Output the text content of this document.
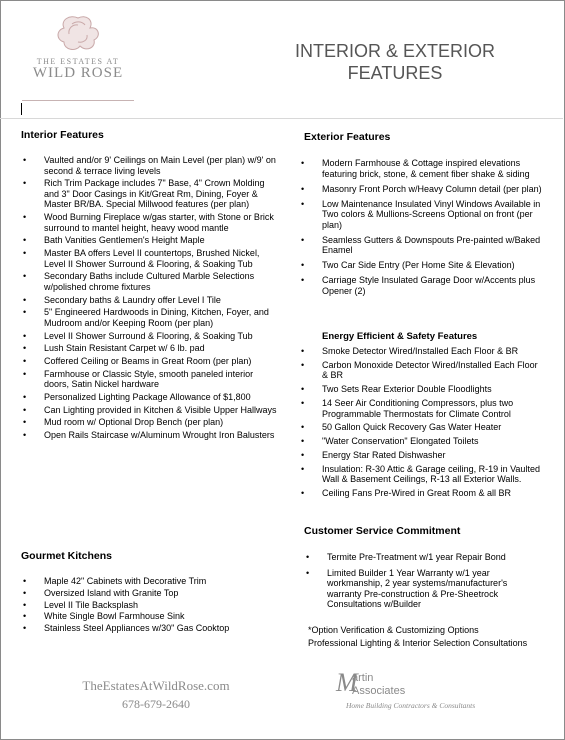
THE ESTATES AT
WILD ROSE
INTERIOR & EXTERIOR
FEATURES
Interior Features
• Vaulted and/or 9' Ceilings on Main Level (per plan) w/9' on second & terrace living levels
• Rich Trim Package includes 7" Base, 4" Crown Molding and 3" Door Casings in Kit/Great Rm, Dining, Foyer & Master BR/BA. Special Millwood features (per plan)
• Wood Burning Fireplace w/gas starter, with Stone or Brick surround to mantel height, heavy wood mantle
• Bath Vanities Gentlemen's Height Maple
• Master BA offers Level II countertops, Brushed Nickel, Level II Shower Surround & Flooring, & Soaking Tub
• Secondary Baths include Cultured Marble Selections w/polished chrome fixtures
• Secondary baths & Laundry offer Level I Tile
• 5" Engineered Hardwoods in Dining, Kitchen, Foyer, and Mudroom and/or Keeping Room (per plan)
• Level II Shower Surround & Flooring, & Soaking Tub
• Lush Stain Resistant Carpet w/ 6 lb. pad
• Coffered Ceiling or Beams in Great Room (per plan)
• Farmhouse or Classic Style, smooth paneled interior doors, Satin Nickel hardware
• Personalized Lighting Package Allowance of $1,800
• Can Lighting provided in Kitchen & Visible Upper Hallways
• Mud room w/ Optional Drop Bench (per plan)
• Open Rails Staircase w/Aluminum Wrought Iron Balusters
Gourmet Kitchens
• Maple 42" Cabinets with Decorative Trim
• Oversized Island with Granite Top
• Level II Tile Backsplash
• White Single Bowl Farmhouse Sink
• Stainless Steel Appliances w/30" Gas Cooktop
Exterior Features
• Modern Farmhouse & Cottage inspired elevations featuring brick, stone, & cement fiber shake & siding
• Masonry Front Porch w/Heavy Column detail (per plan)
• Low Maintenance Insulated Vinyl Windows Available in Two colors & Mullions-Screens Optional on front (per plan)
• Seamless Gutters & Downspouts Pre-painted w/Baked Enamel
• Two Car Side Entry (Per Home Site & Elevation)
• Carriage Style Insulated Garage Door w/Accents plus Opener (2)
Energy Efficient & Safety Features
• Smoke Detector Wired/Installed Each Floor & BR
• Carbon Monoxide Detector Wired/Installed Each Floor & BR
• Two Sets Rear Exterior Double Floodlights
• 14 Seer Air Conditioning Compressors, plus two Programmable Thermostats for Climate Control
• 50 Gallon Quick Recovery Gas Water Heater
• "Water Conservation" Elongated Toilets
• Energy Star Rated Dishwasher
• Insulation: R-30 Attic & Garage ceiling, R-19 in Vaulted Wall & Basement Ceilings, R-13 all Exterior Walls.
• Ceiling Fans Pre-Wired in Great Room & all BR
Customer Service Commitment
• Termite Pre-Treatment w/1 year Repair Bond
• Limited Builder 1 Year Warranty w/1 year workmanship, 2 year systems/manufacturer's warranty Pre-construction & Pre-Sheetrock Consultations w/Builder
*Option Verification & Customizing Options
Professional Lighting & Interior Selection Consultations
TheEstatesAtWildRose.com
678-679-2640
M
artin
Associates
Home Building Contractors & Consultants
